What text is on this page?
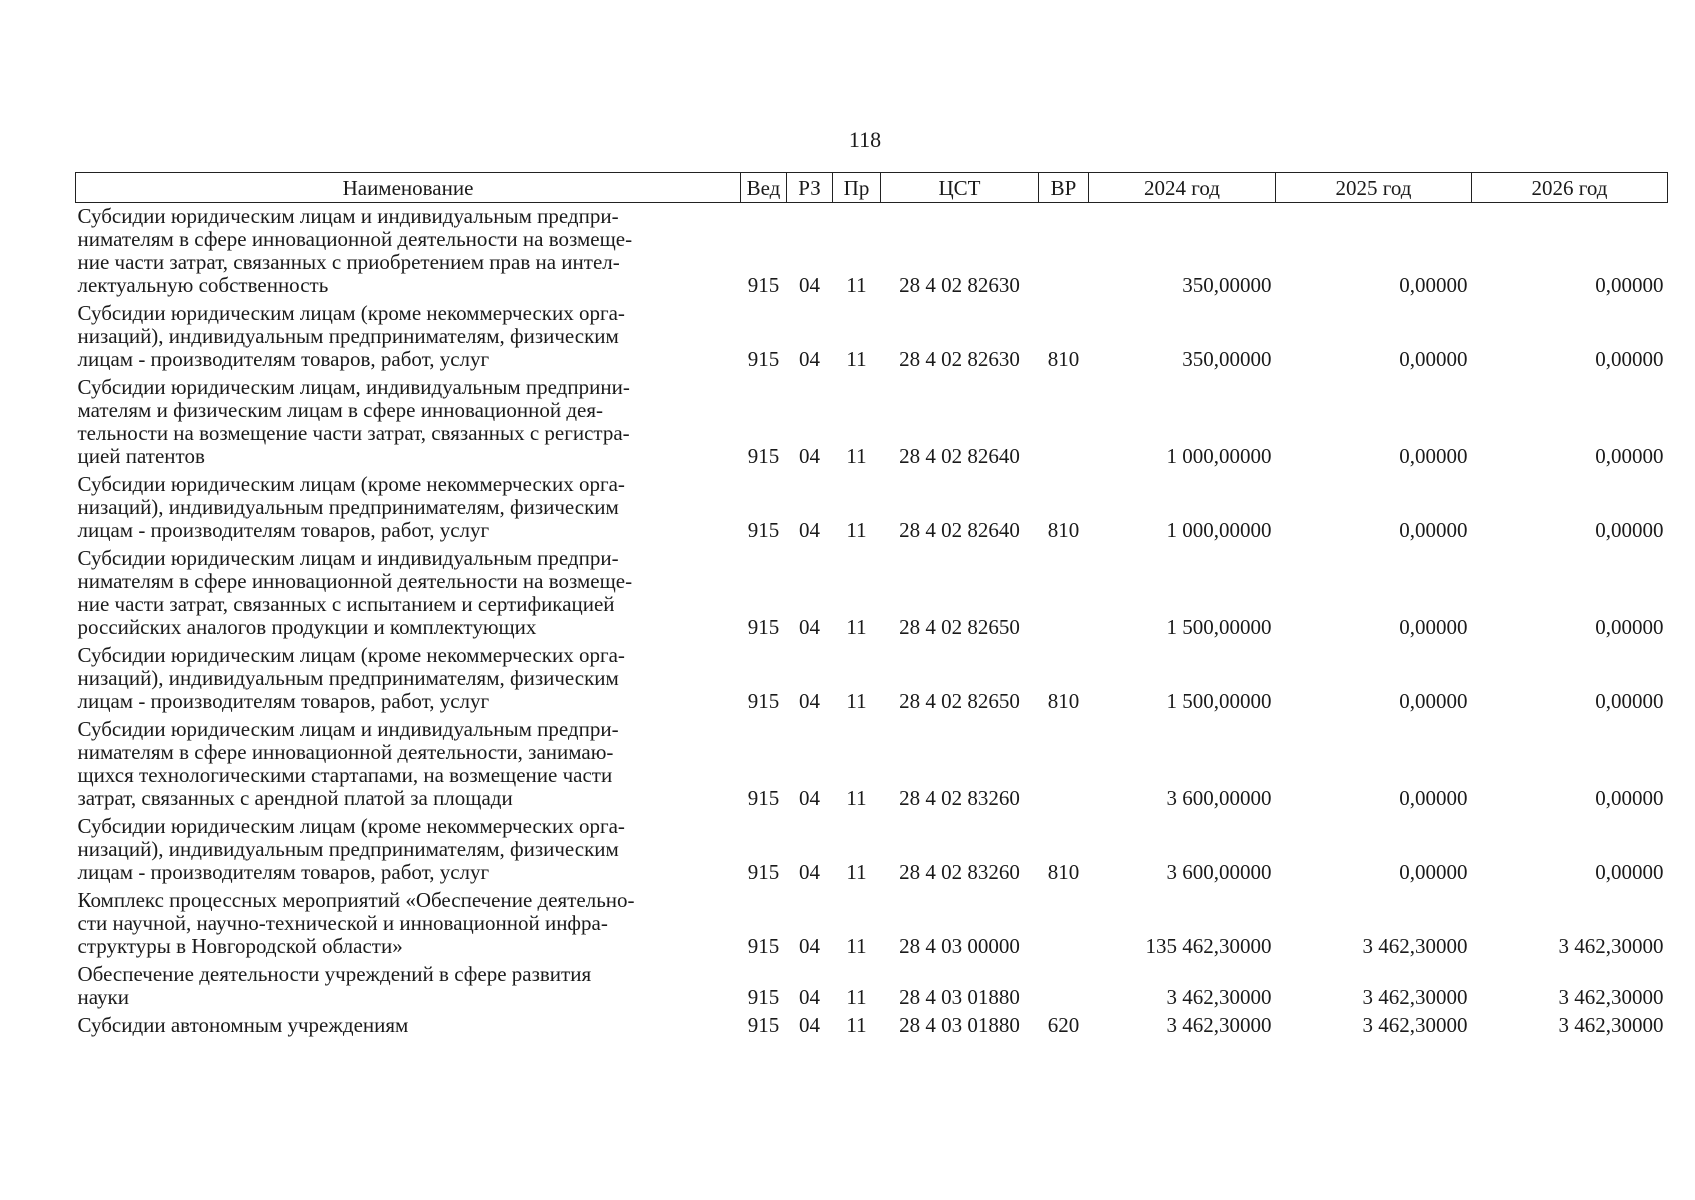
118
Наименование	Вед	РЗ	Пр	ЦСТ	ВР	2024 год	2025 год	2026 год
Субсидии юридическим лицам и индивидуальным предпри-
нимателям в сфере инновационной деятельности на возмеще-
ние части затрат, связанных с приобретением прав на интел-
лектуальную собственность	915	04	11	28 4 02 82630		350,00000	0,00000	0,00000
Субсидии юридическим лицам (кроме некоммерческих орга-
низаций), индивидуальным предпринимателям, физическим
лицам - производителям товаров, работ, услуг	915	04	11	28 4 02 82630	810	350,00000	0,00000	0,00000
Субсидии юридическим лицам, индивидуальным предприни-
мателям и физическим лицам в сфере инновационной дея-
тельности на возмещение части затрат, связанных с регистра-
цией патентов	915	04	11	28 4 02 82640		1 000,00000	0,00000	0,00000
Субсидии юридическим лицам (кроме некоммерческих орга-
низаций), индивидуальным предпринимателям, физическим
лицам - производителям товаров, работ, услуг	915	04	11	28 4 02 82640	810	1 000,00000	0,00000	0,00000
Субсидии юридическим лицам и индивидуальным предпри-
нимателям в сфере инновационной деятельности на возмеще-
ние части затрат, связанных с испытанием и сертификацией
российских аналогов продукции и комплектующих	915	04	11	28 4 02 82650		1 500,00000	0,00000	0,00000
Субсидии юридическим лицам (кроме некоммерческих орга-
низаций), индивидуальным предпринимателям, физическим
лицам - производителям товаров, работ, услуг	915	04	11	28 4 02 82650	810	1 500,00000	0,00000	0,00000
Субсидии юридическим лицам и индивидуальным предпри-
нимателям в сфере инновационной деятельности, занимаю-
щихся технологическими стартапами, на возмещение части
затрат, связанных с арендной платой за площади	915	04	11	28 4 02 83260		3 600,00000	0,00000	0,00000
Субсидии юридическим лицам (кроме некоммерческих орга-
низаций), индивидуальным предпринимателям, физическим
лицам - производителям товаров, работ, услуг	915	04	11	28 4 02 83260	810	3 600,00000	0,00000	0,00000
Комплекс процессных мероприятий «Обеспечение деятельно-
сти научной, научно-технической и инновационной инфра-
структуры в Новгородской области»	915	04	11	28 4 03 00000		135 462,30000	3 462,30000	3 462,30000
Обеспечение деятельности учреждений в сфере развития
науки	915	04	11	28 4 03 01880		3 462,30000	3 462,30000	3 462,30000
Субсидии автономным учреждениям	915	04	11	28 4 03 01880	620	3 462,30000	3 462,30000	3 462,30000
